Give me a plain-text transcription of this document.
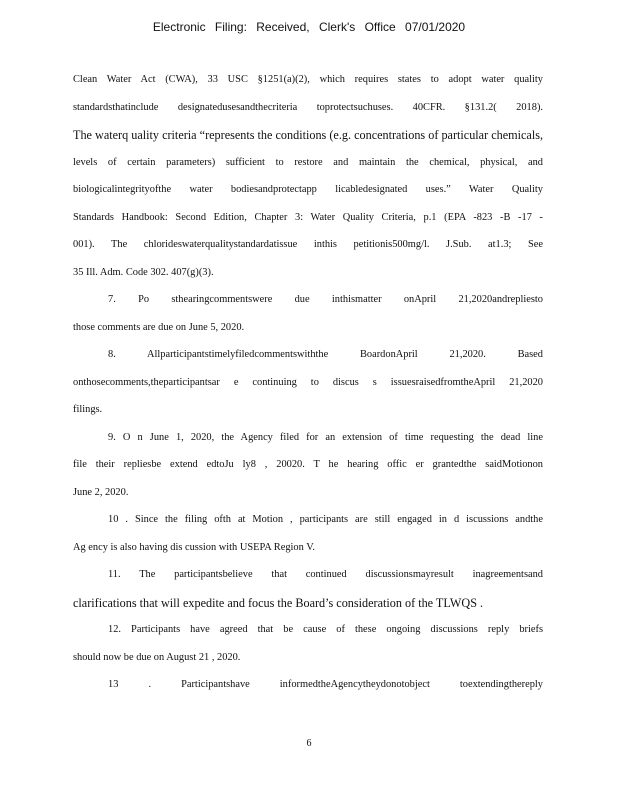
Electronic Filing: Received, Clerk's Office 07/01/2020
Clean Water Act (CWA), 33 USC §1251(a)(2), which requires states to adopt water quality
standardsthatinclude designatedusesandthecriteria toprotectsuchuses. 40CFR. §131.2( 2018).
The waterq uality criteria “represents the conditions (e.g. concentrations of particular chemicals,
levels of certain parameters) sufficient to restore and maintain the chemical, physical, and
biologicalintegrityofthe water bodiesandprotectapp licabledesignated uses.” Water Quality
Standards Handbook: Second Edition, Chapter 3: Water Quality Criteria, p.1 (EPA -823 -B -17 -
001). The chlorideswaterqualitystandardatissue inthis petitionis500mg/l. J.Sub. at1.3; See
35 Ill. Adm. Code 302. 407(g)(3).
7. Po sthearingcommentswere due inthismatter onApril 21,2020andrepliesto
those comments are due on June 5, 2020.
8. Allparticipantstimelyfiledcommentswiththe BoardonApril 21,2020. Based
onthosecomments,theparticipantsar e continuing to discus s issuesraisedfromtheApril 21,2020
filings.
9. O n June 1, 2020, the Agency filed for an extension of time requesting the dead line
file their repliesbe extend edtoJu ly8 , 20020. T he hearing offic er grantedthe saidMotionon
June 2, 2020.
10 . Since the filing ofth at Motion , participants are still engaged in d iscussions andthe
Ag ency is also having dis cussion with USEPA Region V.
11. The participantsbelieve that continued discussionsmayresult inagreementsand
clarifications that will expedite and focus the Board’s consideration of the TLWQS .
12. Participants have agreed that be cause of these ongoing discussions reply briefs
should now be due on August 21 , 2020.
13 . Participantshave informedtheAgencytheydonotobject toextendingthereply
6
